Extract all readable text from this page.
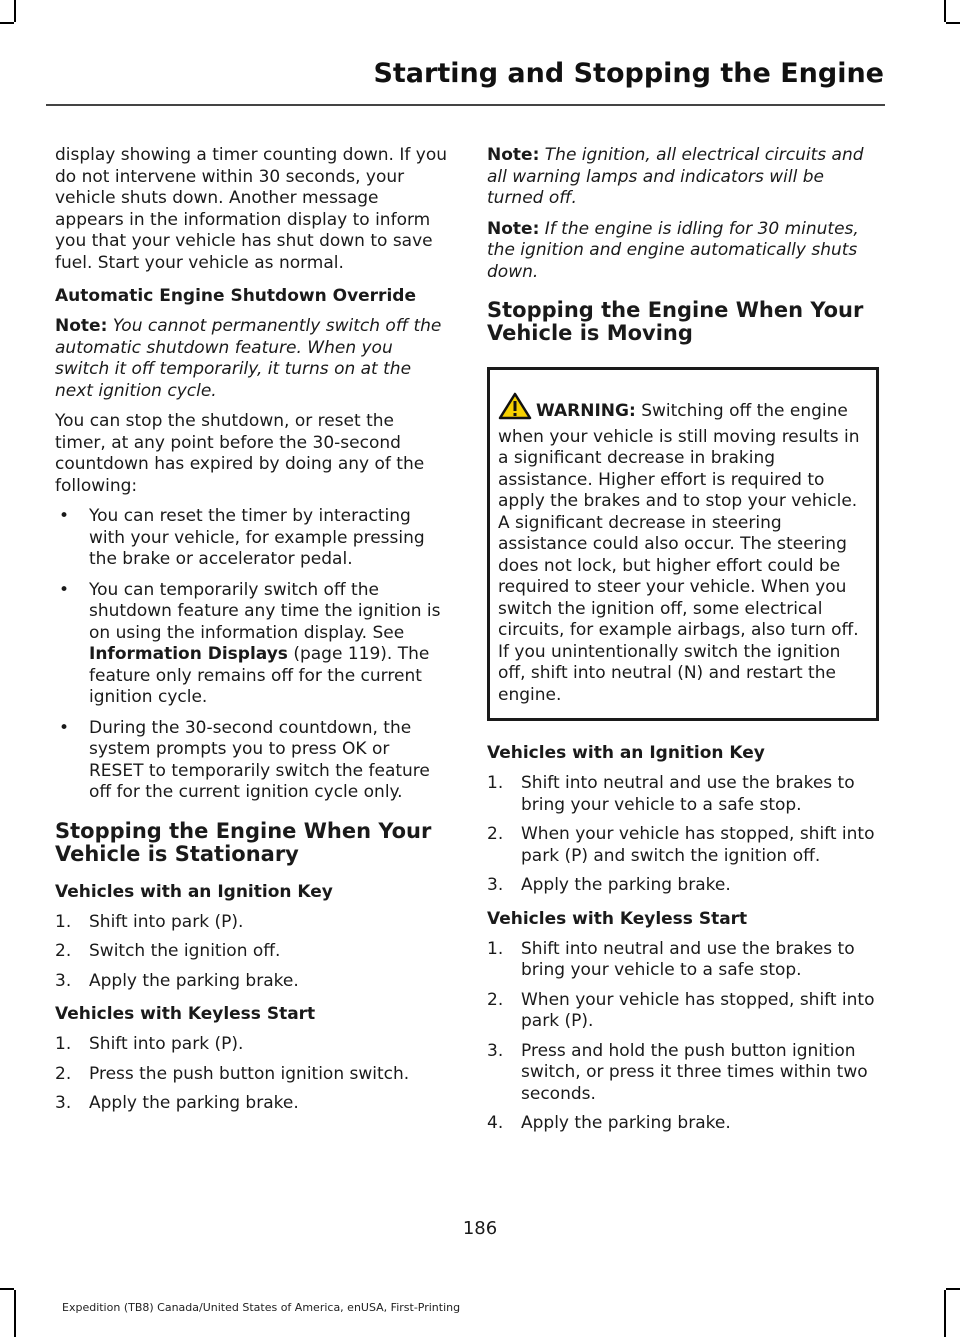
Starting and Stopping the Engine

display showing a timer counting down. If you do not intervene within 30 seconds, your vehicle shuts down. Another message appears in the information display to inform you that your vehicle has shut down to save fuel. Start your vehicle as normal.

Automatic Engine Shutdown Override

Note: You cannot permanently switch off the automatic shutdown feature. When you switch it off temporarily, it turns on at the next ignition cycle.

You can stop the shutdown, or reset the timer, at any point before the 30-second countdown has expired by doing any of the following:

• You can reset the timer by interacting with your vehicle, for example pressing the brake or accelerator pedal.
• You can temporarily switch off the shutdown feature any time the ignition is on using the information display. See Information Displays (page 119). The feature only remains off for the current ignition cycle.
• During the 30-second countdown, the system prompts you to press OK or RESET to temporarily switch the feature off for the current ignition cycle only.
Stopping the Engine When Your Vehicle is Stationary
Vehicles with an Ignition Key
1. Shift into park (P).
2. Switch the ignition off.
3. Apply the parking brake.
Vehicles with Keyless Start
1. Shift into park (P).
2. Press the push button ignition switch.
3. Apply the parking brake.

Note: The ignition, all electrical circuits and all warning lamps and indicators will be turned off.

Note: If the engine is idling for 30 minutes, the ignition and engine automatically shuts down.

Stopping the Engine When Your Vehicle is Moving
WARNING: Switching off the engine when your vehicle is still moving results in a significant decrease in braking assistance. Higher effort is required to apply the brakes and to stop your vehicle. A significant decrease in steering assistance could also occur. The steering does not lock, but higher effort could be required to steer your vehicle. When you switch the ignition off, some electrical circuits, for example airbags, also turn off. If you unintentionally switch the ignition off, shift into neutral (N) and restart the engine.
Vehicles with an Ignition Key
1. Shift into neutral and use the brakes to bring your vehicle to a safe stop.
2. When your vehicle has stopped, shift into park (P) and switch the ignition off.
3. Apply the parking brake.
Vehicles with Keyless Start
1. Shift into neutral and use the brakes to bring your vehicle to a safe stop.
2. When your vehicle has stopped, shift into park (P).
3. Press and hold the push button ignition switch, or press it three times within two seconds.
4. Apply the parking brake.
186
Expedition (TB8) Canada/United States of America, enUSA, First-Printing
